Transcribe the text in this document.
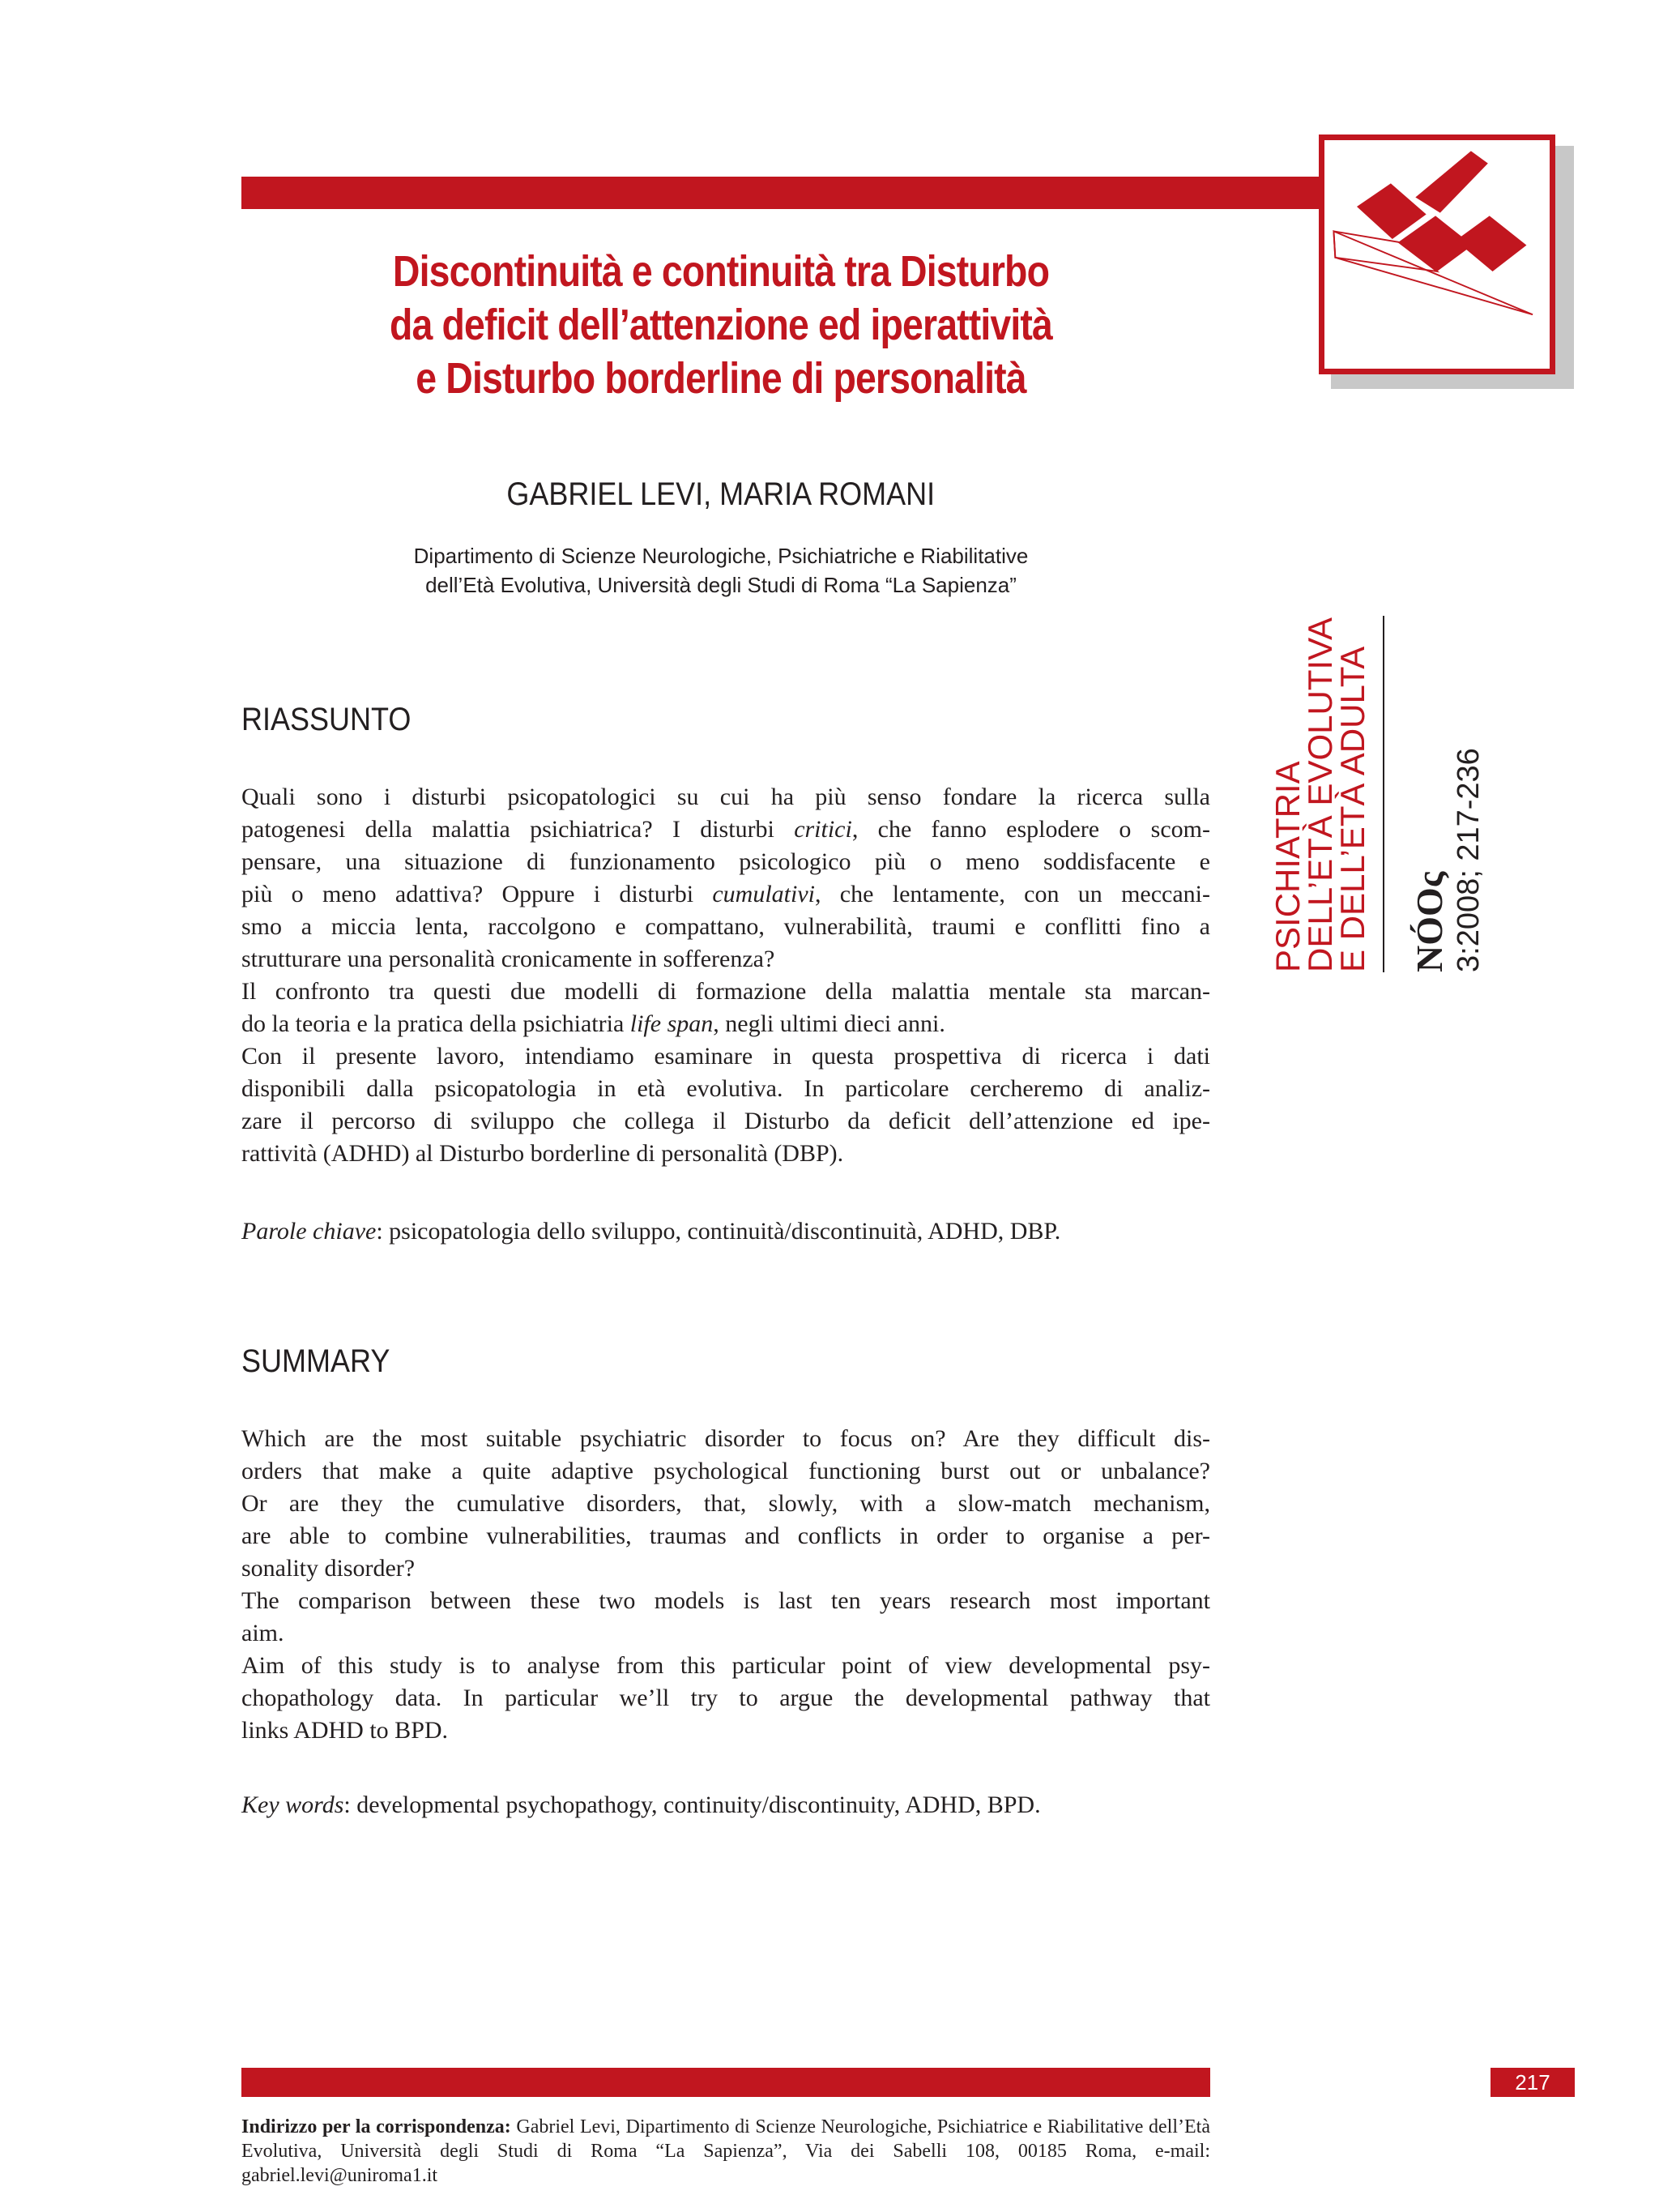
Discontinuità e continuità tra Disturbo
da deficit dell’attenzione ed iperattività
e Disturbo borderline di personalità
GABRIEL LEVI, MARIA ROMANI
Dipartimento di Scienze Neurologiche, Psichiatriche e Riabilitative
dell’Età Evolutiva, Università degli Studi di Roma “La Sapienza”
PSICHIATRIA
DELL’ETÀ EVOLUTIVA
E DELL’ETÀ ADULTA NÓOς 3:2008; 217-236
RIASSUNTO
Quali sono i disturbi psicopatologici su cui ha più senso fondare la ricerca sulla
patogenesi della malattia psichiatrica? I disturbi critici, che fanno esplodere o scom-
pensare, una situazione di funzionamento psicologico più o meno soddisfacente e
più o meno adattiva? Oppure i disturbi cumulativi, che lentamente, con un meccani-
smo a miccia lenta, raccolgono e compattano, vulnerabilità, traumi e conflitti fino a
strutturare una personalità cronicamente in sofferenza?
Il confronto tra questi due modelli di formazione della malattia mentale sta marcan-
do la teoria e la pratica della psichiatria life span, negli ultimi dieci anni.
Con il presente lavoro, intendiamo esaminare in questa prospettiva di ricerca i dati
disponibili dalla psicopatologia in età evolutiva. In particolare cercheremo di analiz-
zare il percorso di sviluppo che collega il Disturbo da deficit dell’attenzione ed ipe-
rattività (ADHD) al Disturbo borderline di personalità (DBP).
Parole chiave: psicopatologia dello sviluppo, continuità/discontinuità, ADHD, DBP.
SUMMARY
Which are the most suitable psychiatric disorder to focus on? Are they difficult dis-
orders that make a quite adaptive psychological functioning burst out or unbalance?
Or are they the cumulative disorders, that, slowly, with a slow-match mechanism,
are able to combine vulnerabilities, traumas and conflicts in order to organise a per-
sonality disorder?
The comparison between these two models is last ten years research most important
aim.
Aim of this study is to analyse from this particular point of view developmental psy-
chopathology data. In particular we’ll try to argue the developmental pathway that
links ADHD to BPD.
Key words: developmental psychopathogy, continuity/discontinuity, ADHD, BPD.
217
Indirizzo per la corrispondenza: Gabriel Levi, Dipartimento di Scienze Neurologiche, Psichiatrice e Riabilitative dell’Età Evolutiva, Università degli Studi di Roma “La Sapienza”, Via dei Sabelli 108, 00185 Roma, e-mail: gabriel.levi@uniroma1.it
